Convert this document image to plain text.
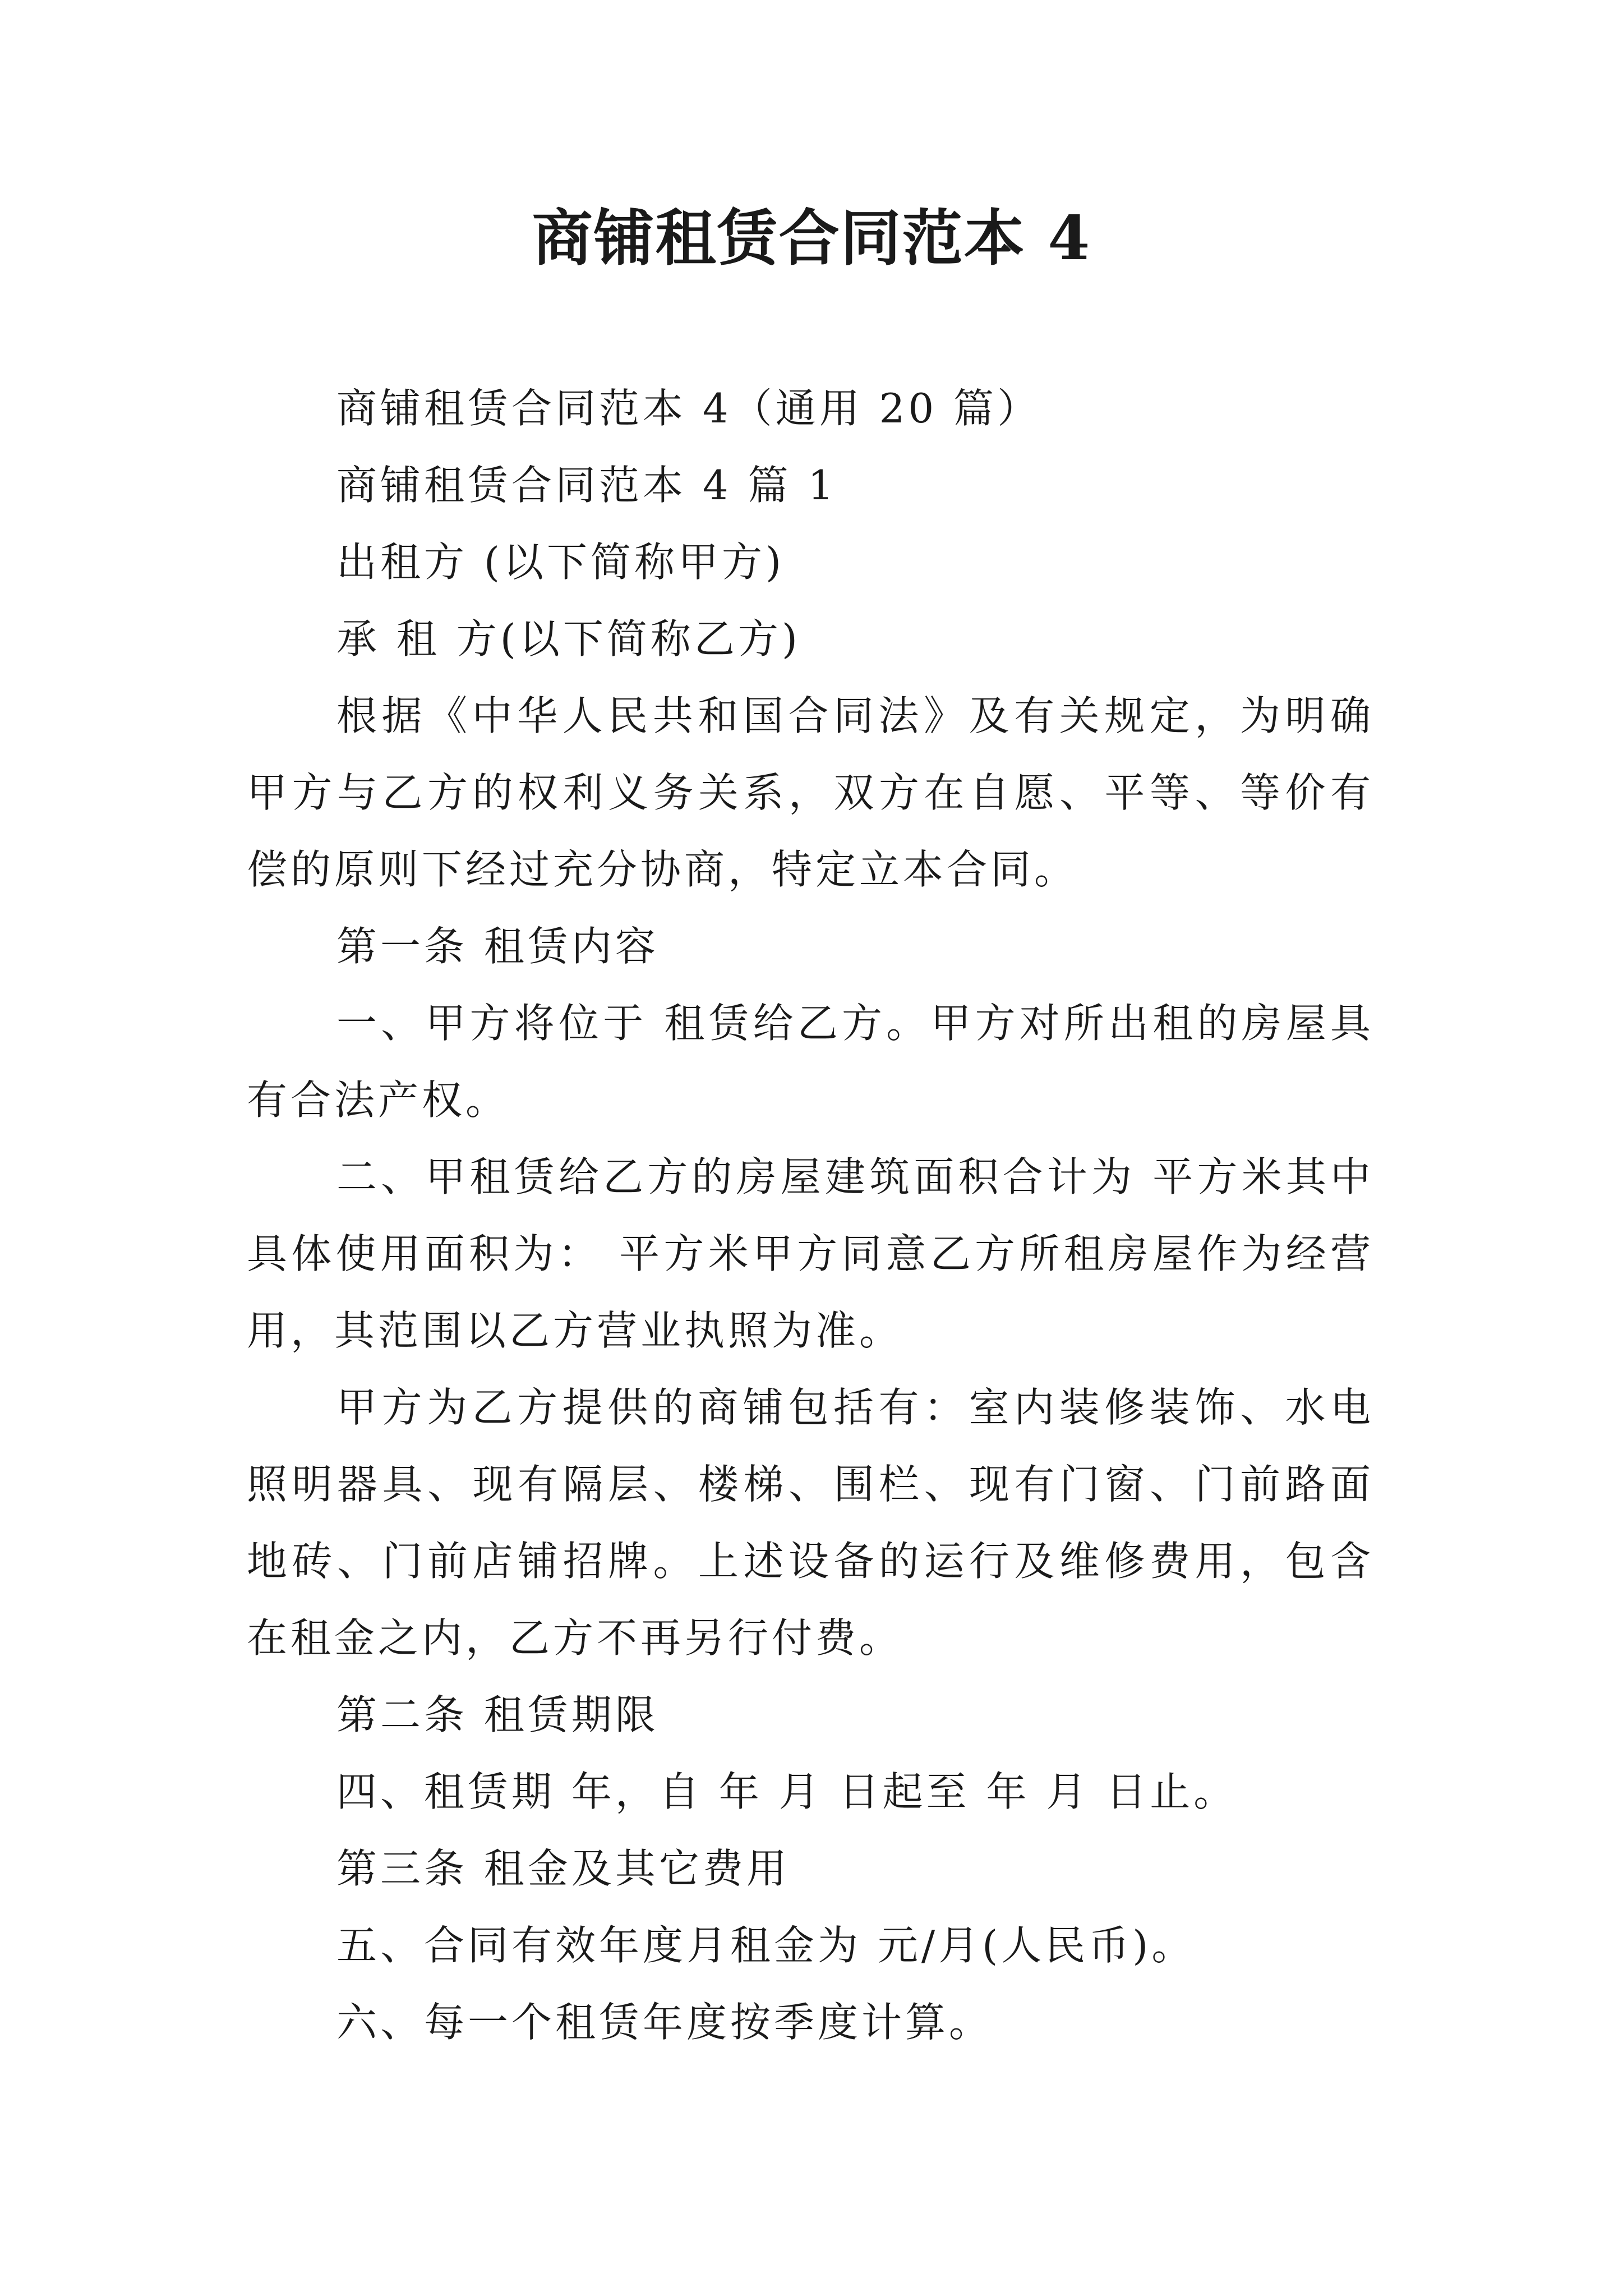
商铺租赁合同范本 4

商铺租赁合同范本 4（通用 20 篇）

商铺租赁合同范本 4 篇 1

出租方 (以下简称甲方)

承 租 方(以下简称乙方)

根据《中华人民共和国合同法》及有关规定，为明确甲方与乙方的权利义务关系，双方在自愿、平等、等价有偿的原则下经过充分协商，特定立本合同。

第一条 租赁内容

一、甲方将位于 租赁给乙方。甲方对所出租的房屋具有合法产权。

二、甲租赁给乙方的房屋建筑面积合计为 平方米其中具体使用面积为： 平方米甲方同意乙方所租房屋作为经营用，其范围以乙方营业执照为准。

甲方为乙方提供的商铺包括有：室内装修装饰、水电照明器具、现有隔层、楼梯、围栏、现有门窗、门前路面地砖、门前店铺招牌。上述设备的运行及维修费用，包含在租金之内，乙方不再另行付费。

第二条 租赁期限

四、租赁期 年，自 年 月 日起至 年 月 日止。

第三条 租金及其它费用

五、合同有效年度月租金为 元/月(人民币)。

六、每一个租赁年度按季度计算。
